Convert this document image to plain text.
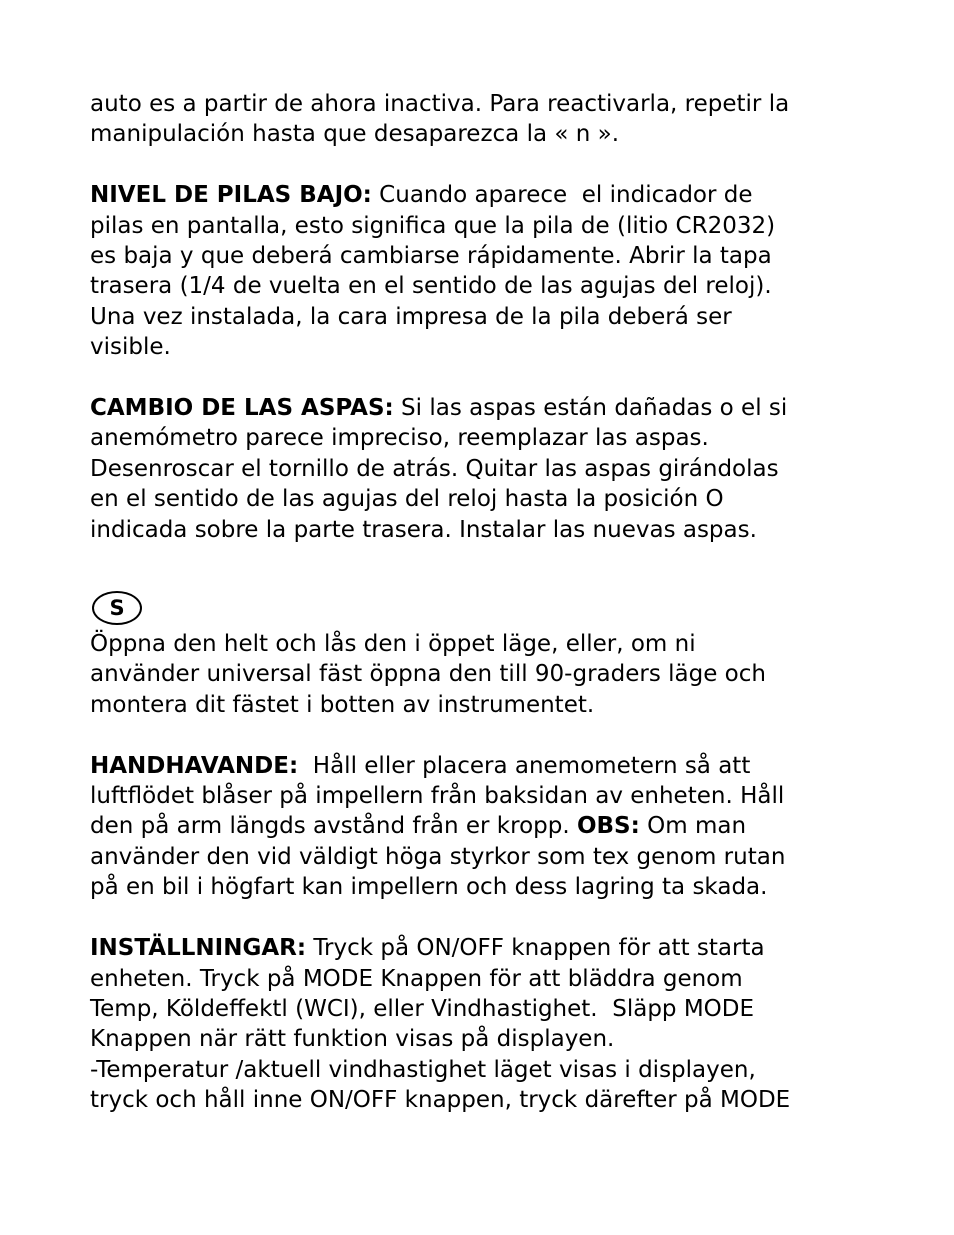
auto es a partir de ahora inactiva. Para reactivarla, repetir la
manipulación hasta que desaparezca la « n ».

NIVEL DE PILAS BAJO: Cuando aparece  el indicador de
pilas en pantalla, esto significa que la pila de (litio CR2032)
es baja y que deberá cambiarse rápidamente. Abrir la tapa
trasera (1/4 de vuelta en el sentido de las agujas del reloj).
Una vez instalada, la cara impresa de la pila deberá ser
visible.

CAMBIO DE LAS ASPAS: Si las aspas están dañadas o el si
anemómetro parece impreciso, reemplazar las aspas.
Desenroscar el tornillo de atrás. Quitar las aspas girándolas
en el sentido de las agujas del reloj hasta la posición O
indicada sobre la parte trasera. Instalar las nuevas aspas.

S

Öppna den helt och lås den i öppet läge, eller, om ni
använder universal fäst öppna den till 90-graders läge och
montera dit fästet i botten av instrumentet.

HANDHAVANDE:  Håll eller placera anemometern så att
luftflödet blåser på impellern från baksidan av enheten. Håll
den på arm längds avstånd från er kropp. OBS: Om man
använder den vid väldigt höga styrkor som tex genom rutan
på en bil i högfart kan impellern och dess lagring ta skada.

INSTÄLLNINGAR: Tryck på ON/OFF knappen för att starta
enheten. Tryck på MODE Knappen för att bläddra genom
Temp, Köldeffektl (WCI), eller Vindhastighet.  Släpp MODE
Knappen när rätt funktion visas på displayen.
-Temperatur /aktuell vindhastighet läget visas i displayen,
tryck och håll inne ON/OFF knappen, tryck därefter på MODE
